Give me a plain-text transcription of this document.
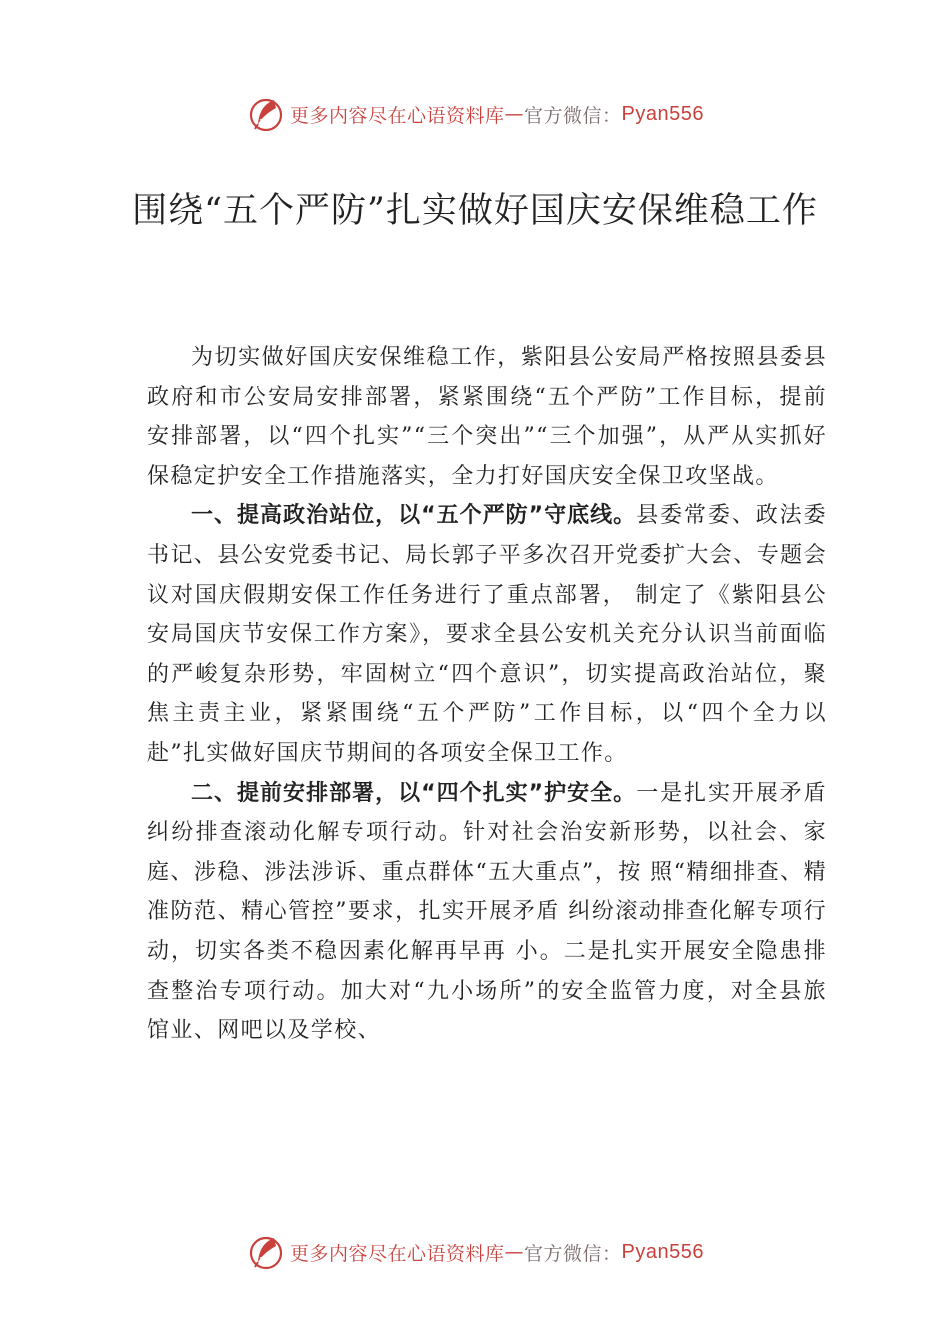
更多内容尽在心语资料库 — 官方微信： Pyan556
围绕“五个严防”扎实做好国庆安保维稳工作

为切实做好国庆安保维稳工作，紫阳县公安局严格按照县委县政府和市公安局安排部署，紧紧围绕“五个严防”工作目标，提前安排部署，以“四个扎实”“三个突出”“三个加强”，从严从实抓好保稳定护安全工作措施落实，全力打好国庆安全保卫攻坚战。

一、提高政治站位，以“五个严防”守底线。县委常委、政法委书记、县公安党委书记、局长郭子平多次召开党委扩大会、专题会议对国庆假期安保工作任务进行了重点部署， 制定了《紫阳县公安局国庆节安保工作方案》，要求全县公安机关充分认识当前面临的严峻复杂形势，牢固树立“四个意识”，切实提高政治站位，聚焦主责主业，紧紧围绕“五个严防”工作目标，以“四个全力以赴”扎实做好国庆节期间的各项安全保卫工作。

二、提前安排部署，以“四个扎实”护安全。一是扎实开展矛盾纠纷排查滚动化解专项行动。针对社会治安新形势，以社会、家庭、涉稳、涉法涉诉、重点群体“五大重点”，按 照“精细排查、精准防范、精心管控”要求，扎实开展矛盾 纠纷滚动排查化解专项行动，切实各类不稳因素化解再早再 小。二是扎实开展安全隐患排查整治专项行动。加大对“九小场所”的安全监管力度，对全县旅馆业、网吧以及学校、

更多内容尽在心语资料库 — 官方微信： Pyan556
